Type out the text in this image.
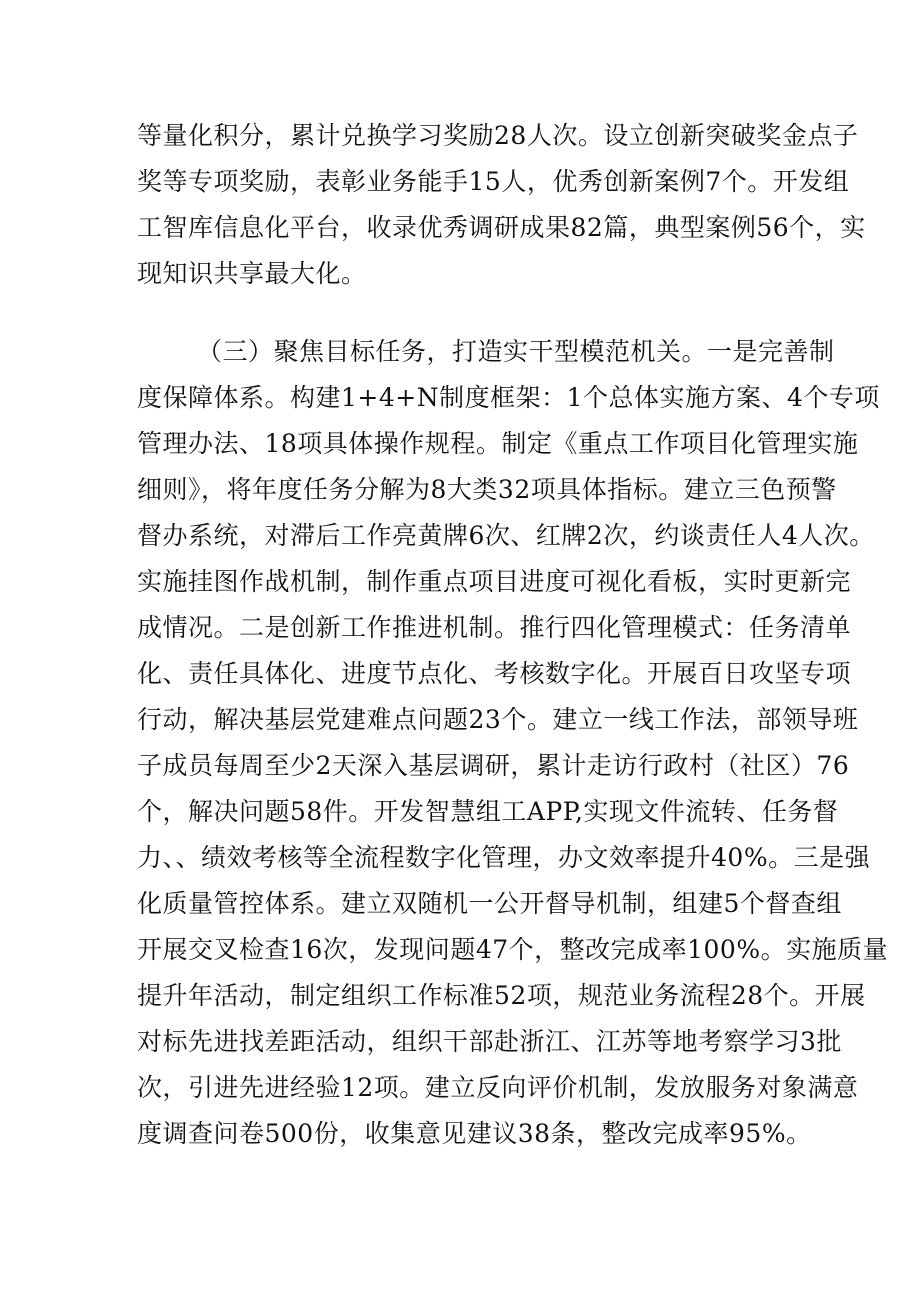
等量化积分，累计兑换学习奖励28人次。设立创新突破奖金点子
奖等专项奖励，表彰业务能手15人，优秀创新案例7个。开发组
工智库信息化平台，收录优秀调研成果82篇，典型案例56个，实
现知识共享最大化。
（三）聚焦目标任务，打造实干型模范机关。一是完善制
度保障体系。构建1+4+N制度框架：1个总体实施方案、4个专项
管理办法、18项具体操作规程。制定《重点工作项目化管理实施
细则》，将年度任务分解为8大类32项具体指标。建立三色预警
督办系统，对滞后工作亮黄牌6次、红牌2次，约谈责任人4人次。
实施挂图作战机制，制作重点项目进度可视化看板，实时更新完
成情况。二是创新工作推进机制。推行四化管理模式：任务清单
化、责任具体化、进度节点化、考核数字化。开展百日攻坚专项
行动，解决基层党建难点问题23个。建立一线工作法，部领导班
子成员每周至少2天深入基层调研，累计走访行政村（社区）76
个，解决问题58件。开发智慧组工APP,实现文件流转、任务督
力、、绩效考核等全流程数字化管理，办文效率提升40%。三是强
化质量管控体系。建立双随机一公开督导机制，组建5个督查组
开展交叉检查16次，发现问题47个，整改完成率100%。实施质量
提升年活动，制定组织工作标准52项，规范业务流程28个。开展
对标先进找差距活动，组织干部赴浙江、江苏等地考察学习3批
次，引进先进经验12项。建立反向评价机制，发放服务对象满意
度调查问卷500份，收集意见建议38条，整改完成率95%。
